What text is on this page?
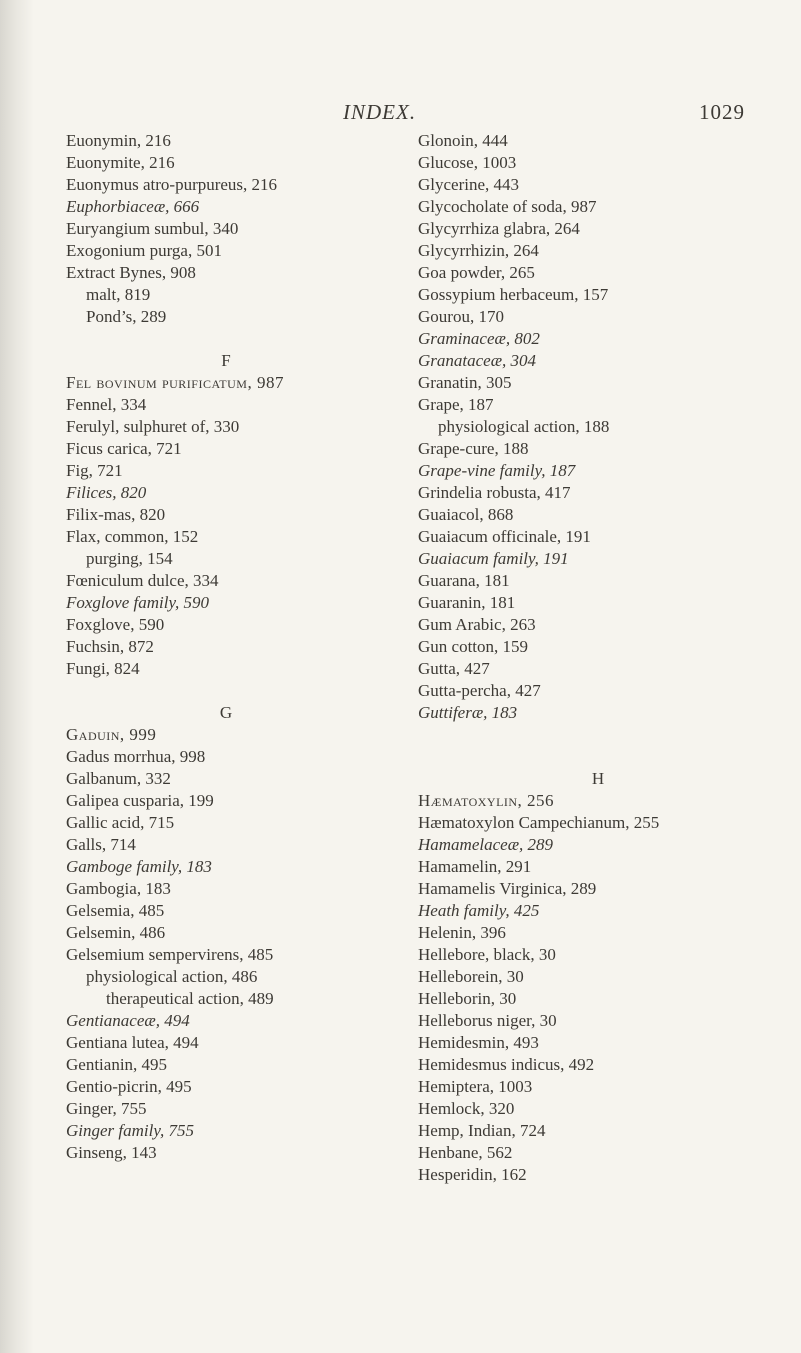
INDEX.	1029
Euonymin, 216
Euonymite, 216
Euonymus atro-purpureus, 216
Euphorbiaceæ, 666
Euryangium sumbul, 340
Exogonium purga, 501
Extract Bynes, 908
malt, 819
Pond’s, 289
F
Fel bovinum purificatum, 987
Fennel, 334
Ferulyl, sulphuret of, 330
Ficus carica, 721
Fig, 721
Filices, 820
Filix-mas, 820
Flax, common, 152
purging, 154
Fœniculum dulce, 334
Foxglove family, 590
Foxglove, 590
Fuchsin, 872
Fungi, 824
G
Gaduin, 999
Gadus morrhua, 998
Galbanum, 332
Galipea cusparia, 199
Gallic acid, 715
Galls, 714
Gamboge family, 183
Gambogia, 183
Gelsemia, 485
Gelsemin, 486
Gelsemium sempervirens, 485
physiological action, 486
therapeutical action, 489
Gentianaceæ, 494
Gentiana lutea, 494
Gentianin, 495
Gentio-picrin, 495
Ginger, 755
Ginger family, 755
Ginseng, 143
Glonoin, 444
Glucose, 1003
Glycerine, 443
Glycocholate of soda, 987
Glycyrrhiza glabra, 264
Glycyrrhizin, 264
Goa powder, 265
Gossypium herbaceum, 157
Gourou, 170
Graminaceæ, 802
Granataceæ, 304
Granatin, 305
Grape, 187
physiological action, 188
Grape-cure, 188
Grape-vine family, 187
Grindelia robusta, 417
Guaiacol, 868
Guaiacum officinale, 191
Guaiacum family, 191
Guarana, 181
Guaranin, 181
Gum Arabic, 263
Gun cotton, 159
Gutta, 427
Gutta-percha, 427
Guttiferæ, 183
H
Hæmatoxylin, 256
Hæmatoxylon Campechianum, 255
Hamamelaceæ, 289
Hamamelin, 291
Hamamelis Virginica, 289
Heath family, 425
Helenin, 396
Hellebore, black, 30
Helleborein, 30
Helleborin, 30
Helleborus niger, 30
Hemidesmin, 493
Hemidesmus indicus, 492
Hemiptera, 1003
Hemlock, 320
Hemp, Indian, 724
Henbane, 562
Hesperidin, 162
